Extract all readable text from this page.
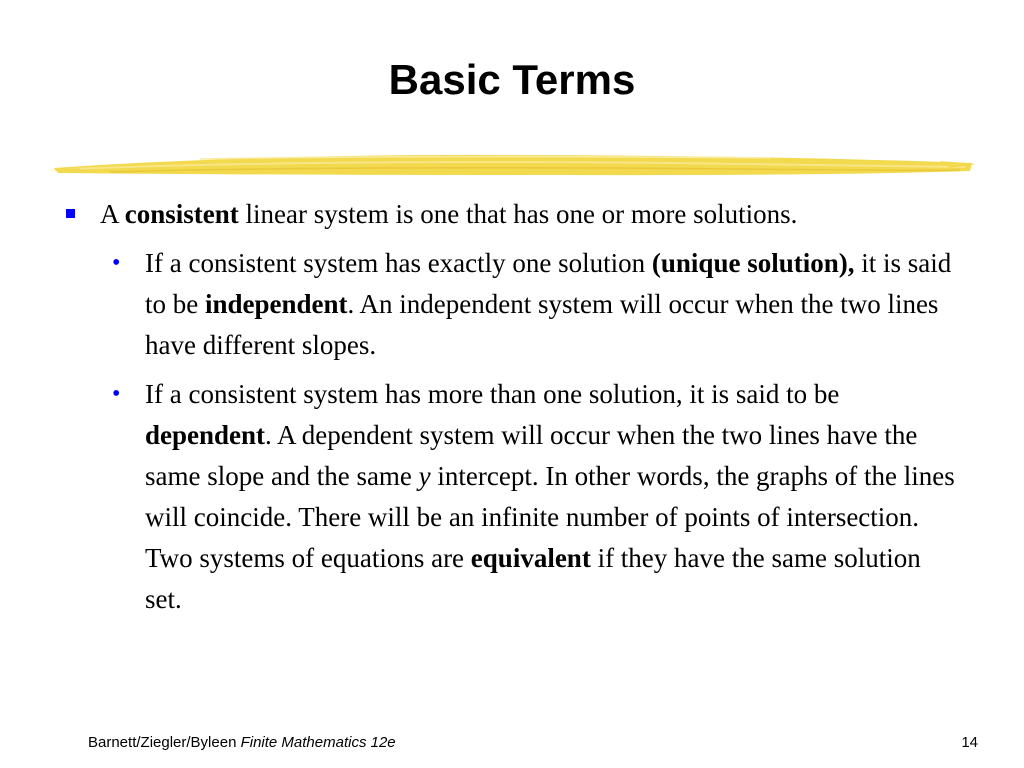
Basic Terms

A consistent linear system is one that has one or more solutions.

• If a consistent system has exactly one solution (unique solution), it is said to be independent. An independent system will occur when the two lines have different slopes.

• If a consistent system has more than one solution, it is said to be dependent. A dependent system will occur when the two lines have the same slope and the same y intercept. In other words, the graphs of the lines will coincide. There will be an infinite number of points of intersection. Two systems of equations are equivalent if they have the same solution set.

Barnett/Ziegler/Byleen Finite Mathematics 12e	14
